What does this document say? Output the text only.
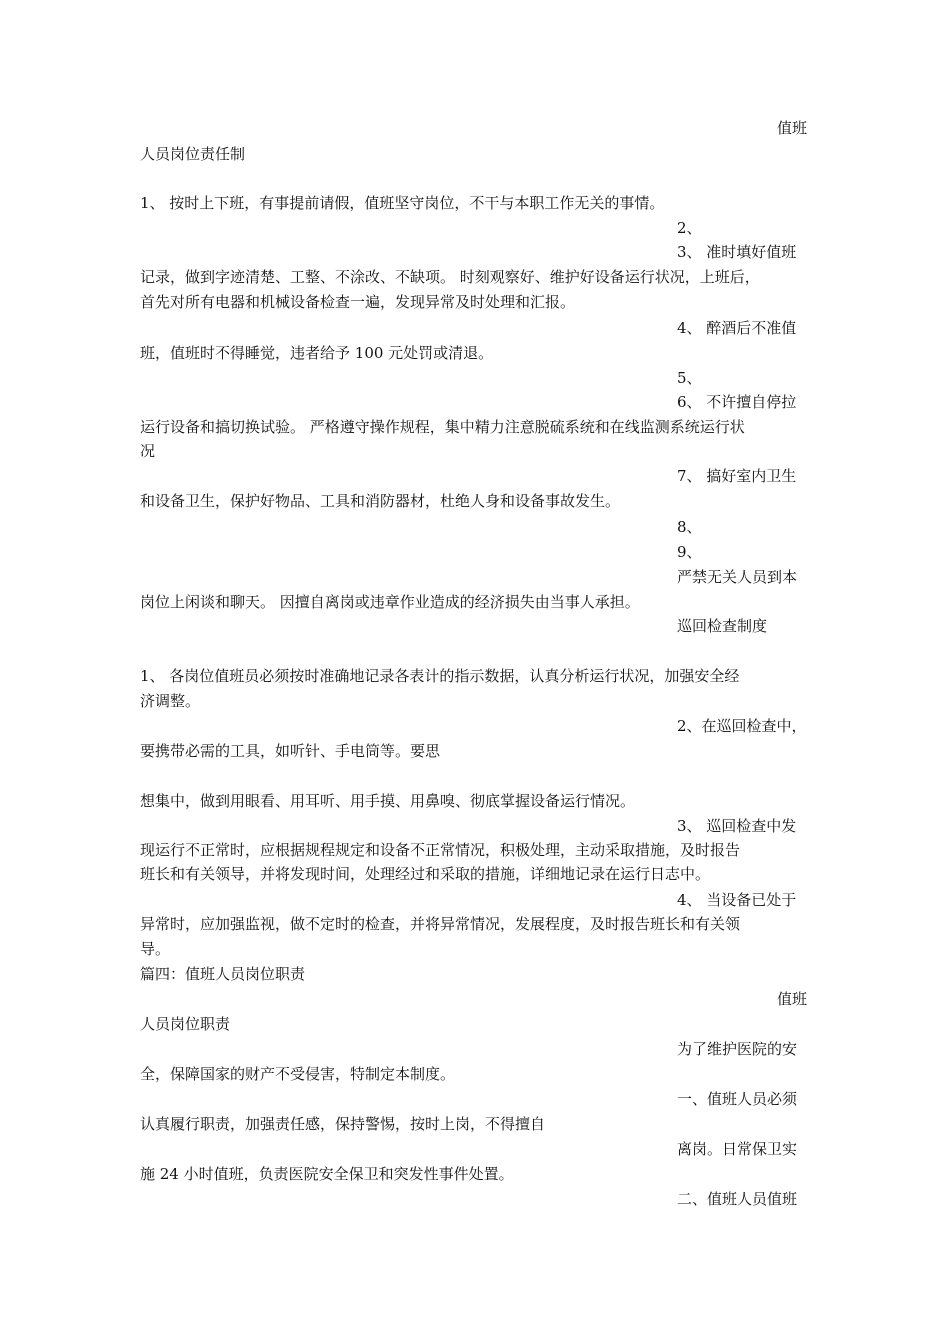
值班
人员岗位责任制
1、 按时上下班，有事提前请假，值班坚守岗位，不干与本职工作无关的事情。
2、
3、 准时填好值班
记录，做到字迹清楚、工整、不涂改、不缺项。 时刻观察好、维护好设备运行状况，上班后，
首先对所有电器和机械设备检查一遍，发现异常及时处理和汇报。
4、 醉酒后不准值
班，值班时不得睡觉，违者给予 100 元处罚或清退。
5、
6、 不许擅自停拉
运行设备和搞切换试验。 严格遵守操作规程，集中精力注意脱硫系统和在线监测系统运行状
况
7、 搞好室内卫生
和设备卫生，保护好物品、工具和消防器材，杜绝人身和设备事故发生。
8、
9、
严禁无关人员到本
岗位上闲谈和聊天。 因擅自离岗或违章作业造成的经济损失由当事人承担。
巡回检查制度
1、 各岗位值班员必须按时准确地记录各表计的指示数据，认真分析运行状况，加强安全经
济调整。
2、在巡回检查中，
要携带必需的工具，如听针、手电筒等。要思
想集中，做到用眼看、用耳听、用手摸、用鼻嗅、彻底掌握设备运行情况。
3、 巡回检查中发
现运行不正常时，应根据规程规定和设备不正常情况，积极处理，主动采取措施，及时报告
班长和有关领导，并将发现时间，处理经过和采取的措施，详细地记录在运行日志中。
4、 当设备已处于
异常时，应加强监视，做不定时的检查，并将异常情况，发展程度，及时报告班长和有关领
导。
篇四：值班人员岗位职责
值班
人员岗位职责
为了维护医院的安
全，保障国家的财产不受侵害，特制定本制度。
一、值班人员必须
认真履行职责，加强责任感，保持警惕，按时上岗，不得擅自
离岗。日常保卫实
施 24 小时值班，负责医院安全保卫和突发性事件处置。
二、值班人员值班
